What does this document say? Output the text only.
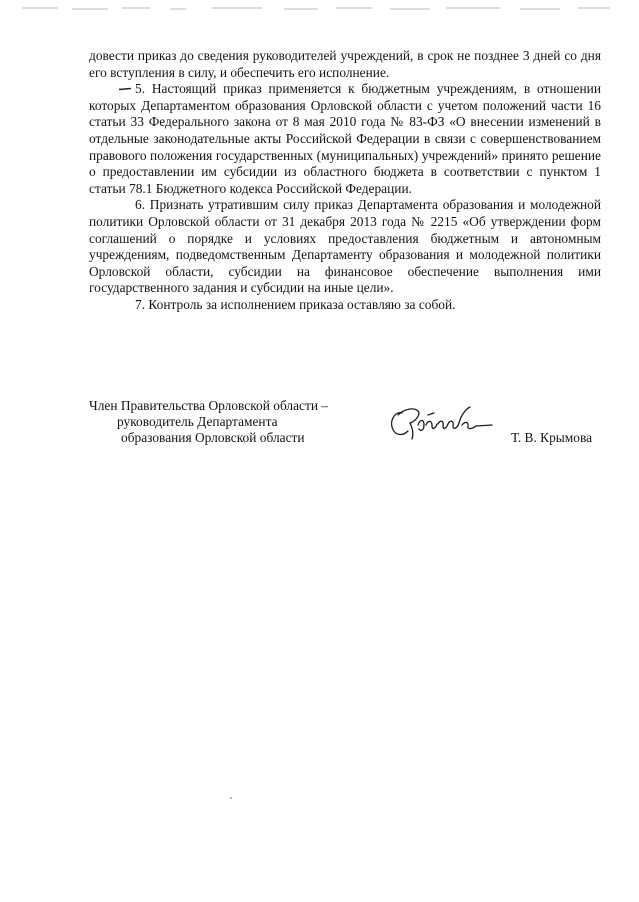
довести приказ до сведения руководителей учреждений, в срок не позднее 3 дней со дня его вступления в силу, и обеспечить его исполнение.

5. Настоящий приказ применяется к бюджетным учреждениям, в отношении которых Департаментом образования Орловской области с учетом положений части 16 статьи 33 Федерального закона от 8 мая 2010 года № 83-ФЗ «О внесении изменений в отдельные законодательные акты Российской Федерации в связи с совершенствованием правового положения государственных (муниципальных) учреждений» принято решение о предоставлении им субсидии из областного бюджета в соответствии с пунктом 1 статьи 78.1 Бюджетного кодекса Российской Федерации.

6. Признать утратившим силу приказ Департамента образования и молодежной политики Орловской области от 31 декабря 2013 года № 2215 «Об утверждении форм соглашений о порядке и условиях предоставления бюджетным и автономным учреждениям, подведомственным Департаменту образования и молодежной политики Орловской области, субсидии на финансовое обеспечение выполнения ими государственного задания и субсидии на иные цели».

7. Контроль за исполнением приказа оставляю за собой.

Член Правительства Орловской области –
руководитель Департамента
образования Орловской области	Т. В. Крымова
